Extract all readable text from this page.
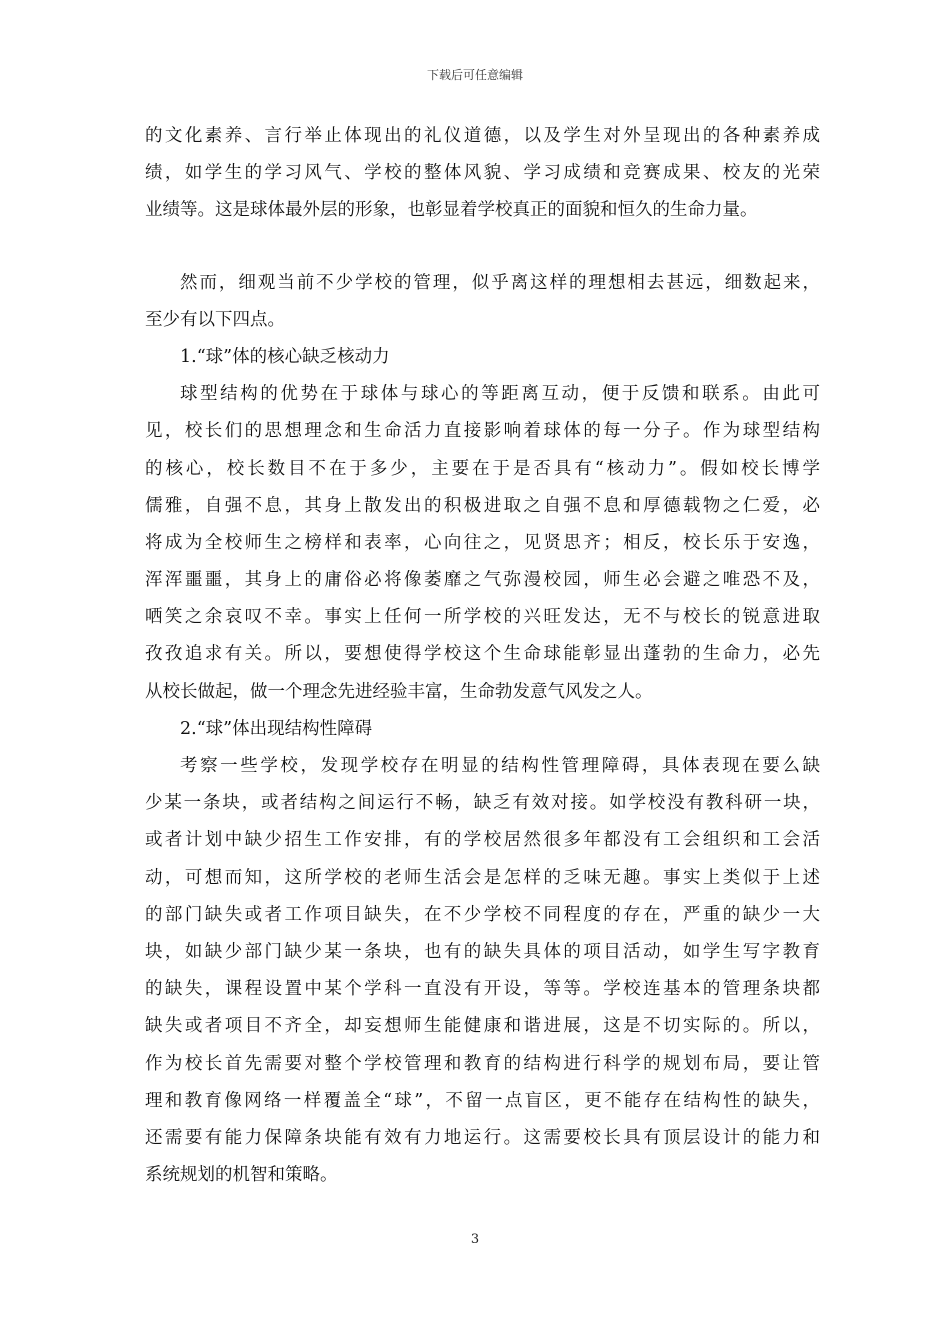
下载后可任意编辑
的文化素养、言行举止体现出的礼仪道德，以及学生对外呈现出的各种素养成
绩，如学生的学习风气、学校的整体风貌、学习成绩和竞赛成果、校友的光荣
业绩等。这是球体最外层的形象，也彰显着学校真正的面貌和恒久的生命力量。
然而，细观当前不少学校的管理，似乎离这样的理想相去甚远，细数起来，
至少有以下四点。
1.“球”体的核心缺乏核动力
球型结构的优势在于球体与球心的等距离互动，便于反馈和联系。由此可
见，校长们的思想理念和生命活力直接影响着球体的每一分子。作为球型结构
的核心，校长数目不在于多少，主要在于是否具有“核动力”。假如校长博学
儒雅，自强不息，其身上散发出的积极进取之自强不息和厚德载物之仁爱，必
将成为全校师生之榜样和表率，心向往之，见贤思齐；相反，校长乐于安逸，
浑浑噩噩，其身上的庸俗必将像萎靡之气弥漫校园，师生必会避之唯恐不及，
哂笑之余哀叹不幸。事实上任何一所学校的兴旺发达，无不与校长的锐意进取
孜孜追求有关。所以，要想使得学校这个生命球能彰显出蓬勃的生命力，必先
从校长做起，做一个理念先进经验丰富，生命勃发意气风发之人。
2.“球”体出现结构性障碍
考察一些学校，发现学校存在明显的结构性管理障碍，具体表现在要么缺
少某一条块，或者结构之间运行不畅，缺乏有效对接。如学校没有教科研一块，
或者计划中缺少招生工作安排，有的学校居然很多年都没有工会组织和工会活
动，可想而知，这所学校的老师生活会是怎样的乏味无趣。事实上类似于上述
的部门缺失或者工作项目缺失，在不少学校不同程度的存在，严重的缺少一大
块，如缺少部门缺少某一条块，也有的缺失具体的项目活动，如学生写字教育
的缺失，课程设置中某个学科一直没有开设，等等。学校连基本的管理条块都
缺失或者项目不齐全，却妄想师生能健康和谐进展，这是不切实际的。所以，
作为校长首先需要对整个学校管理和教育的结构进行科学的规划布局，要让管
理和教育像网络一样覆盖全“球”，不留一点盲区，更不能存在结构性的缺失，
还需要有能力保障条块能有效有力地运行。这需要校长具有顶层设计的能力和
系统规划的机智和策略。
3
